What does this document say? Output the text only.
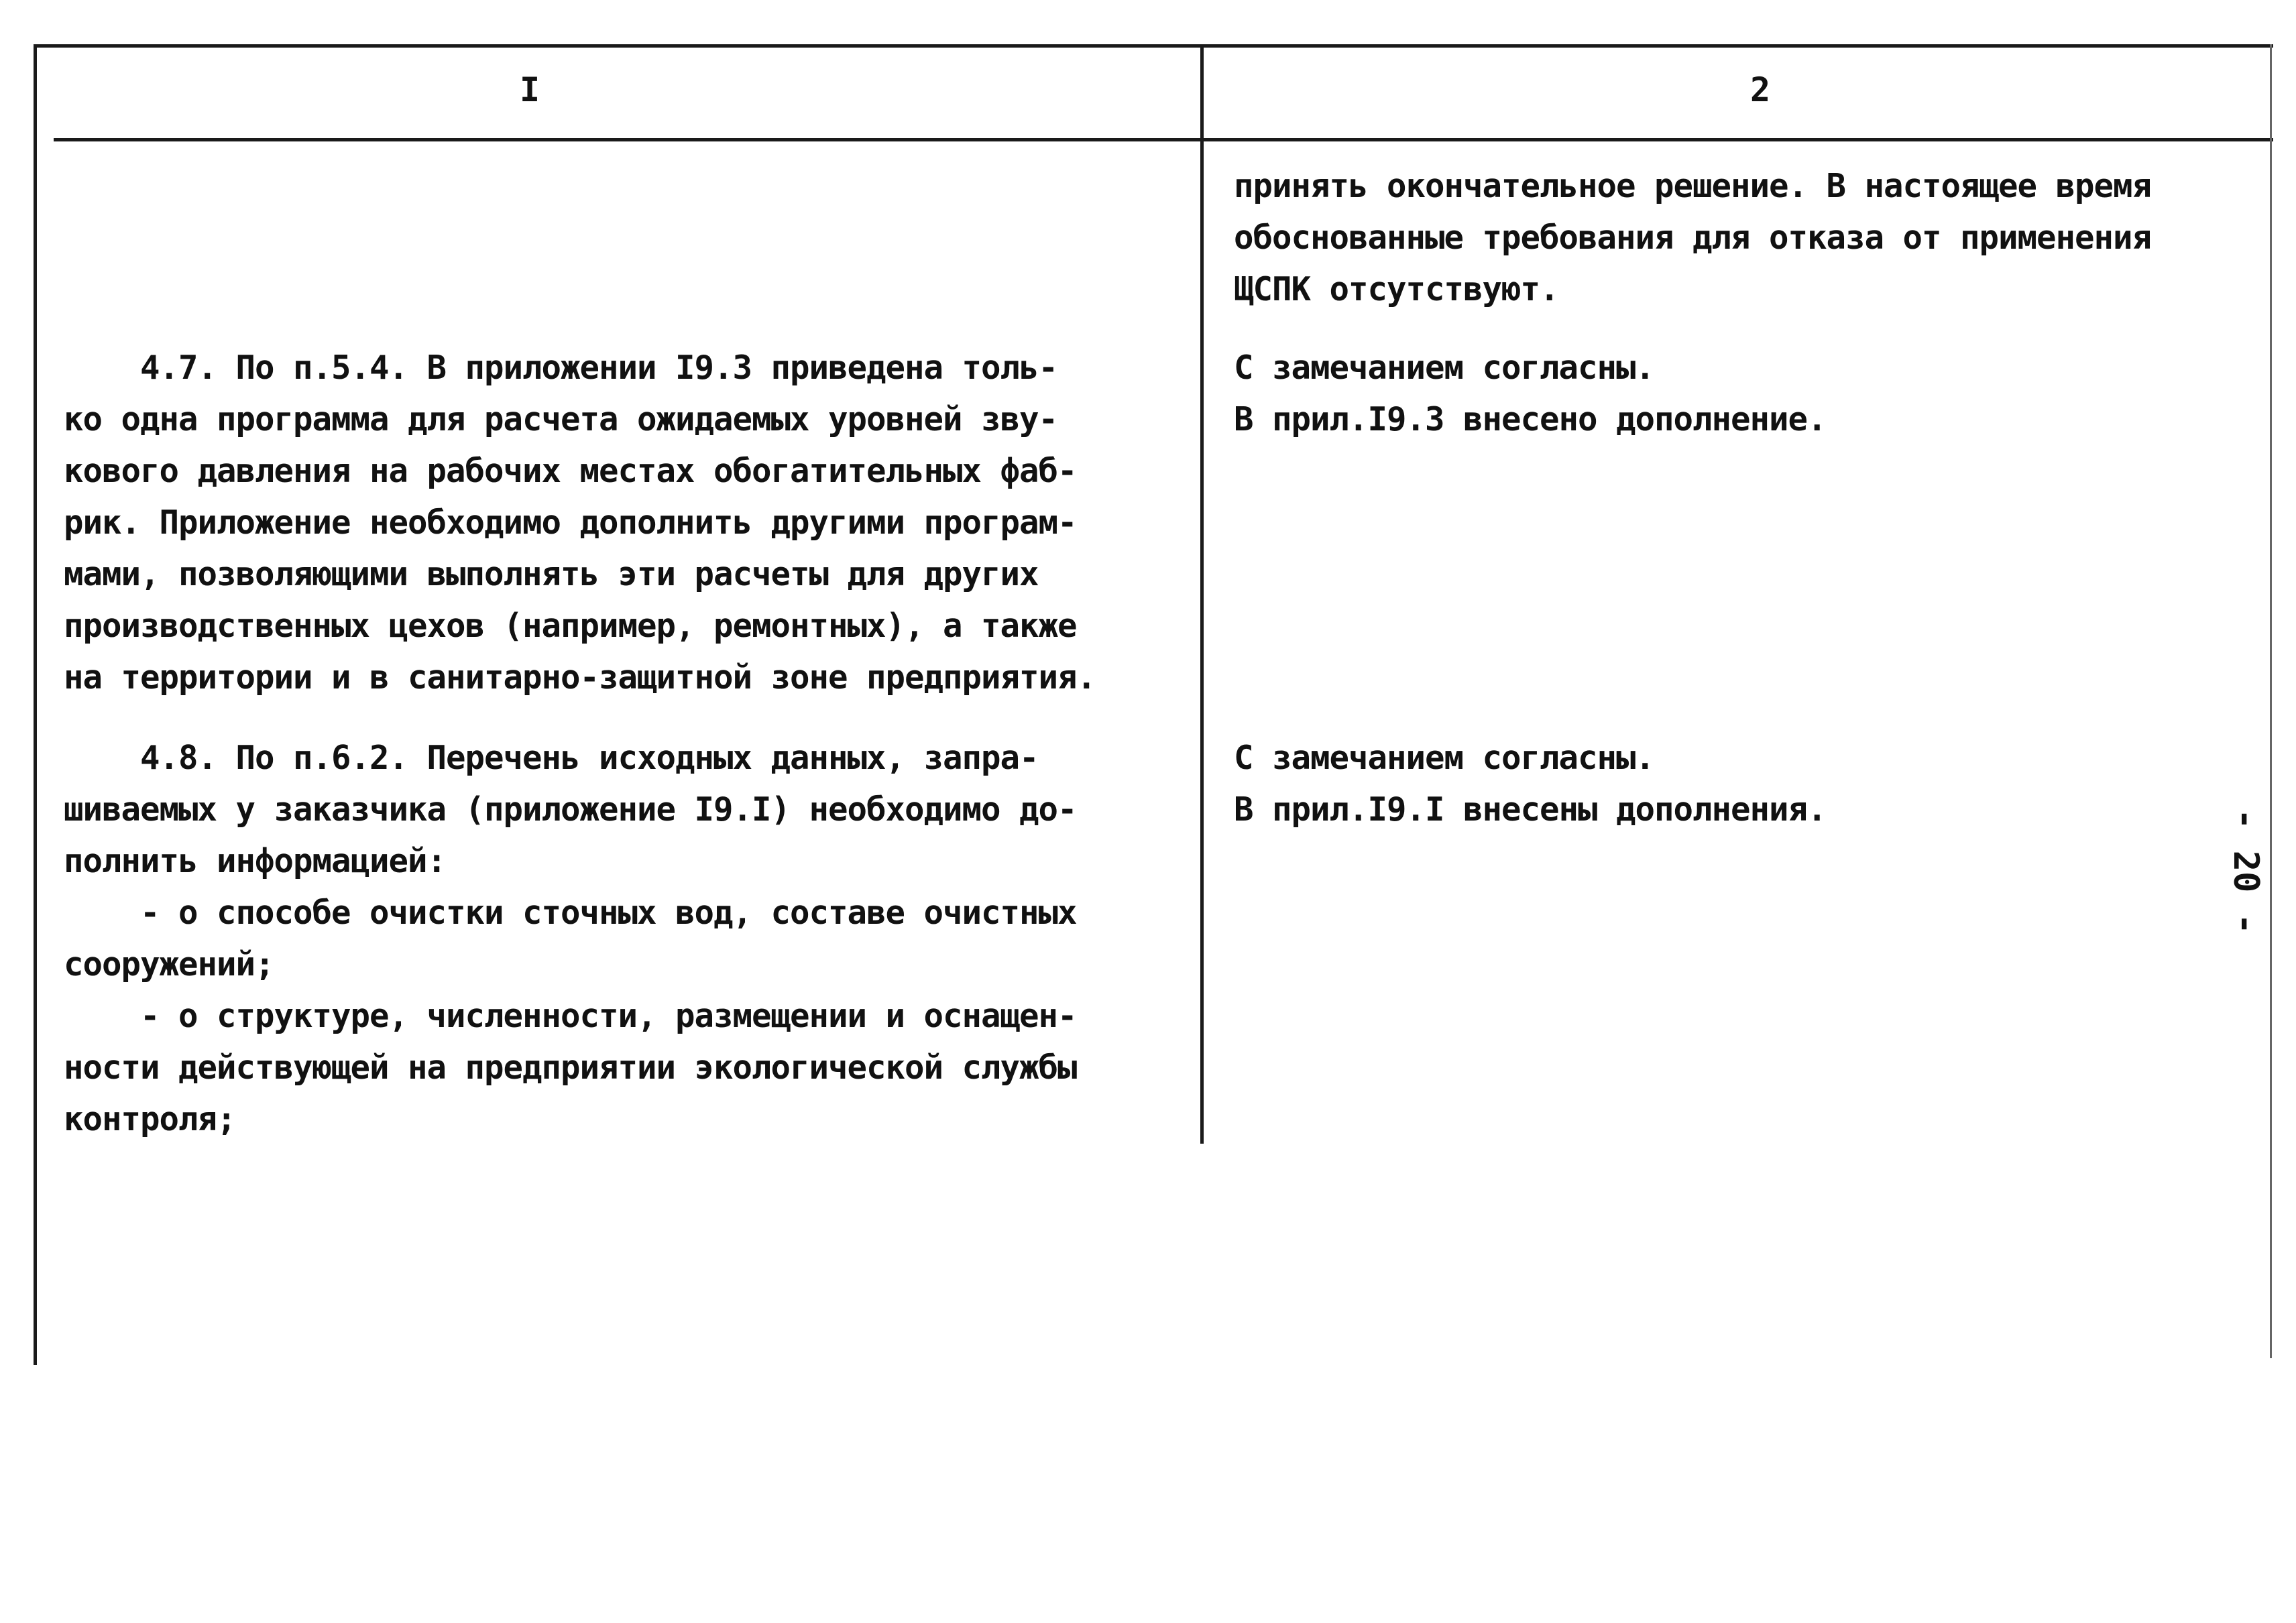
I	2

принять окончательное решение. В настоящее время

обоснованные требования для отказа от применения

ЩСПК отсутствуют.

4.7. По п.5.4. В приложении I9.3 приведена толь-

ко одна программа для расчета ожидаемых уровней зву-

кового давления на рабочих местах обогатительных фаб-

рик. Приложение необходимо дополнить другими програм-

мами, позволяющими выполнять эти расчеты для других

производственных цехов (например, ремонтных), а также

на территории и в санитарно-защитной зоне предприятия.

С замечанием согласны.

В прил.I9.3 внесено дополнение.

4.8. По п.6.2. Перечень исходных данных, запра-

шиваемых у заказчика (приложение I9.I) необходимо до-

полнить информацией:

- о способе очистки сточных вод, составе очистных

сооружений;

- о структуре, численности, размещении и оснащен-

ности действующей на предприятии экологической службы

контроля;

С замечанием согласны.

В прил.I9.I внесены дополнения.	- 20 -
